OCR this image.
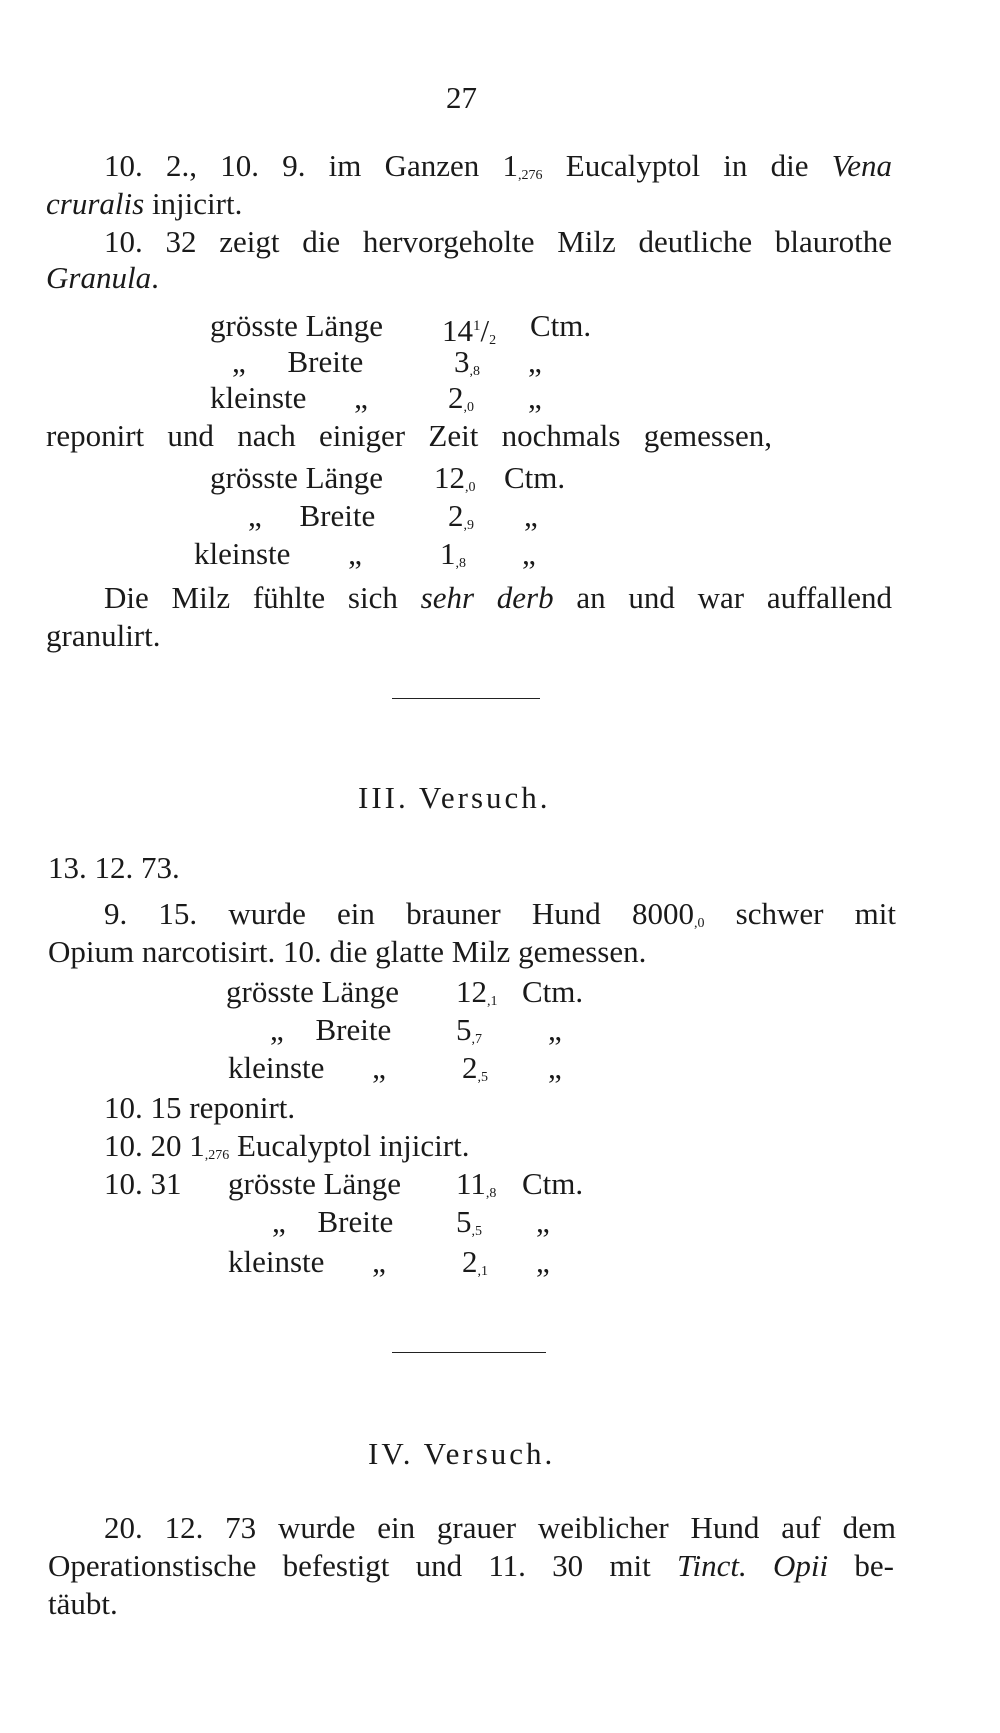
27
10. 2., 10. 9. im Ganzen $1_{,276}$ Eucalyptol in die Vena
cruralis injicirt.
10. 32 zeigt die hervorgeholte Milz deutliche blaurothe
Granula.
grösste Länge $14^1/_2$ Ctm.
„ Breite	$3_{,8}$ „
kleinste „	$2_{,0}$ „
reponirt und nach einiger Zeit nochmals gemessen,
grösste Länge $12_{,0}$ Ctm.
„ Breite $2_{,9}$ „
kleinste „	$1_{,8}$ „
Die Milz fühlte sich sehr derb an und war auffallend
granulirt.
III. Versuch.
13. 12. 73.
9. 15. wurde ein brauner Hund $8000_{,0}$ schwer mit
Opium narcotisirt. 10. die glatte Milz gemessen.
grösste Länge $12_{,1}$ Ctm.
„ Breite $5_{,7}$ „
kleinste „ $2_{,5}$ „
10. 15 reponirt.
10. 20 $1_{,276}$ Eucalyptol injicirt.
10. 31 grösste Länge $11_{,8}$ Ctm.
„ Breite $5_{,5}$ „
kleinste „ $2_{,1}$ „
IV. Versuch.
20. 12. 73 wurde ein grauer weiblicher Hund auf dem
Operationstische befestigt und 11. 30 mit Tinct. Opii be-
täubt.
